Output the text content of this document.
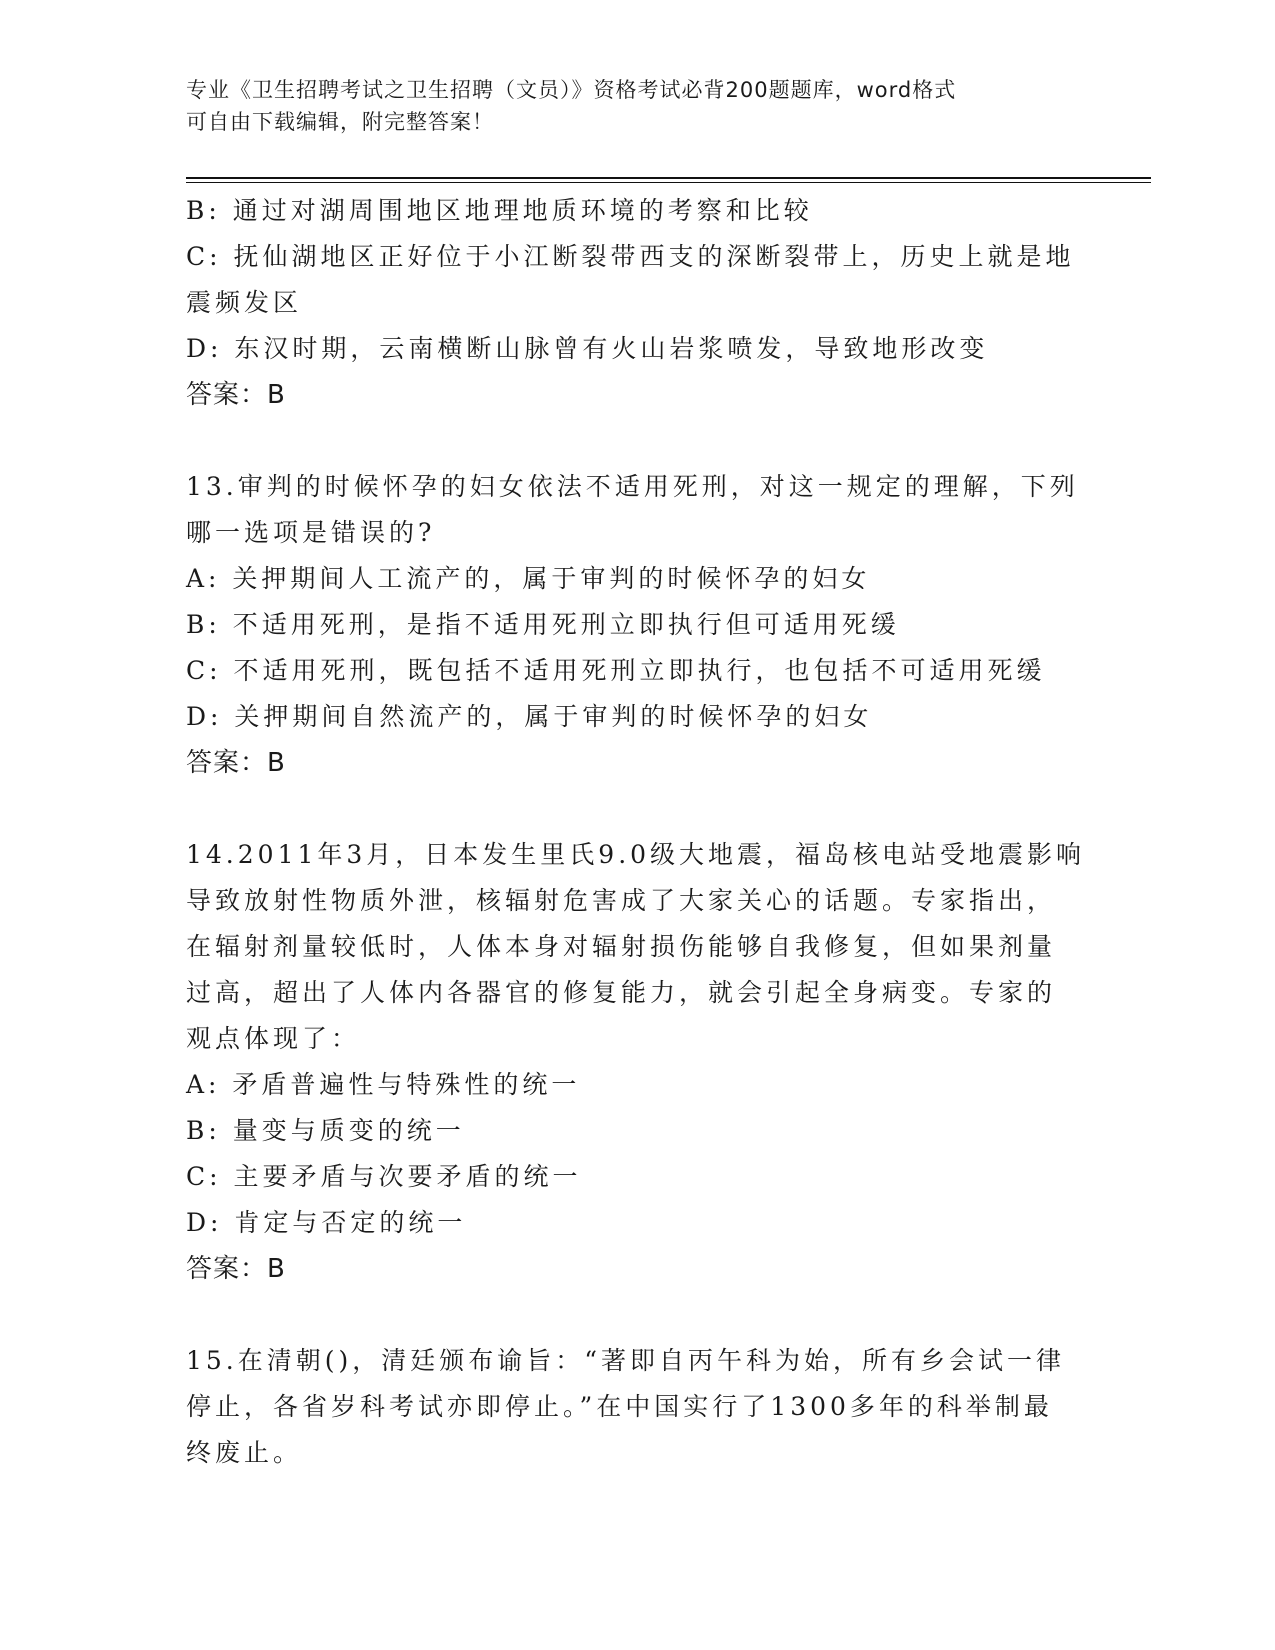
专业《卫生招聘考试之卫生招聘（文员）》资格考试必背200题题库，word格式
可自由下载编辑，附完整答案！

B: 通过对湖周围地区地理地质环境的考察和比较

C: 抚仙湖地区正好位于小江断裂带西支的深断裂带上，历史上就是地

震频发区

D: 东汉时期，云南横断山脉曾有火山岩浆喷发，导致地形改变

答案：B

13.审判的时候怀孕的妇女依法不适用死刑，对这一规定的理解，下列

哪一选项是错误的?

A: 关押期间人工流产的，属于审判的时候怀孕的妇女

B: 不适用死刑，是指不适用死刑立即执行但可适用死缓

C: 不适用死刑，既包括不适用死刑立即执行，也包括不可适用死缓

D: 关押期间自然流产的，属于审判的时候怀孕的妇女

答案：B

14.2011年3月，日本发生里氏9.0级大地震，福岛核电站受地震影响

导致放射性物质外泄，核辐射危害成了大家关心的话题。专家指出，

在辐射剂量较低时，人体本身对辐射损伤能够自我修复，但如果剂量

过高，超出了人体内各器官的修复能力，就会引起全身病变。专家的

观点体现了：

A: 矛盾普遍性与特殊性的统一

B: 量变与质变的统一

C: 主要矛盾与次要矛盾的统一

D: 肯定与否定的统一

答案：B

15.在清朝()，清廷颁布谕旨：“著即自丙午科为始，所有乡会试一律

停止，各省岁科考试亦即停止。”在中国实行了1300多年的科举制最

终废止。
